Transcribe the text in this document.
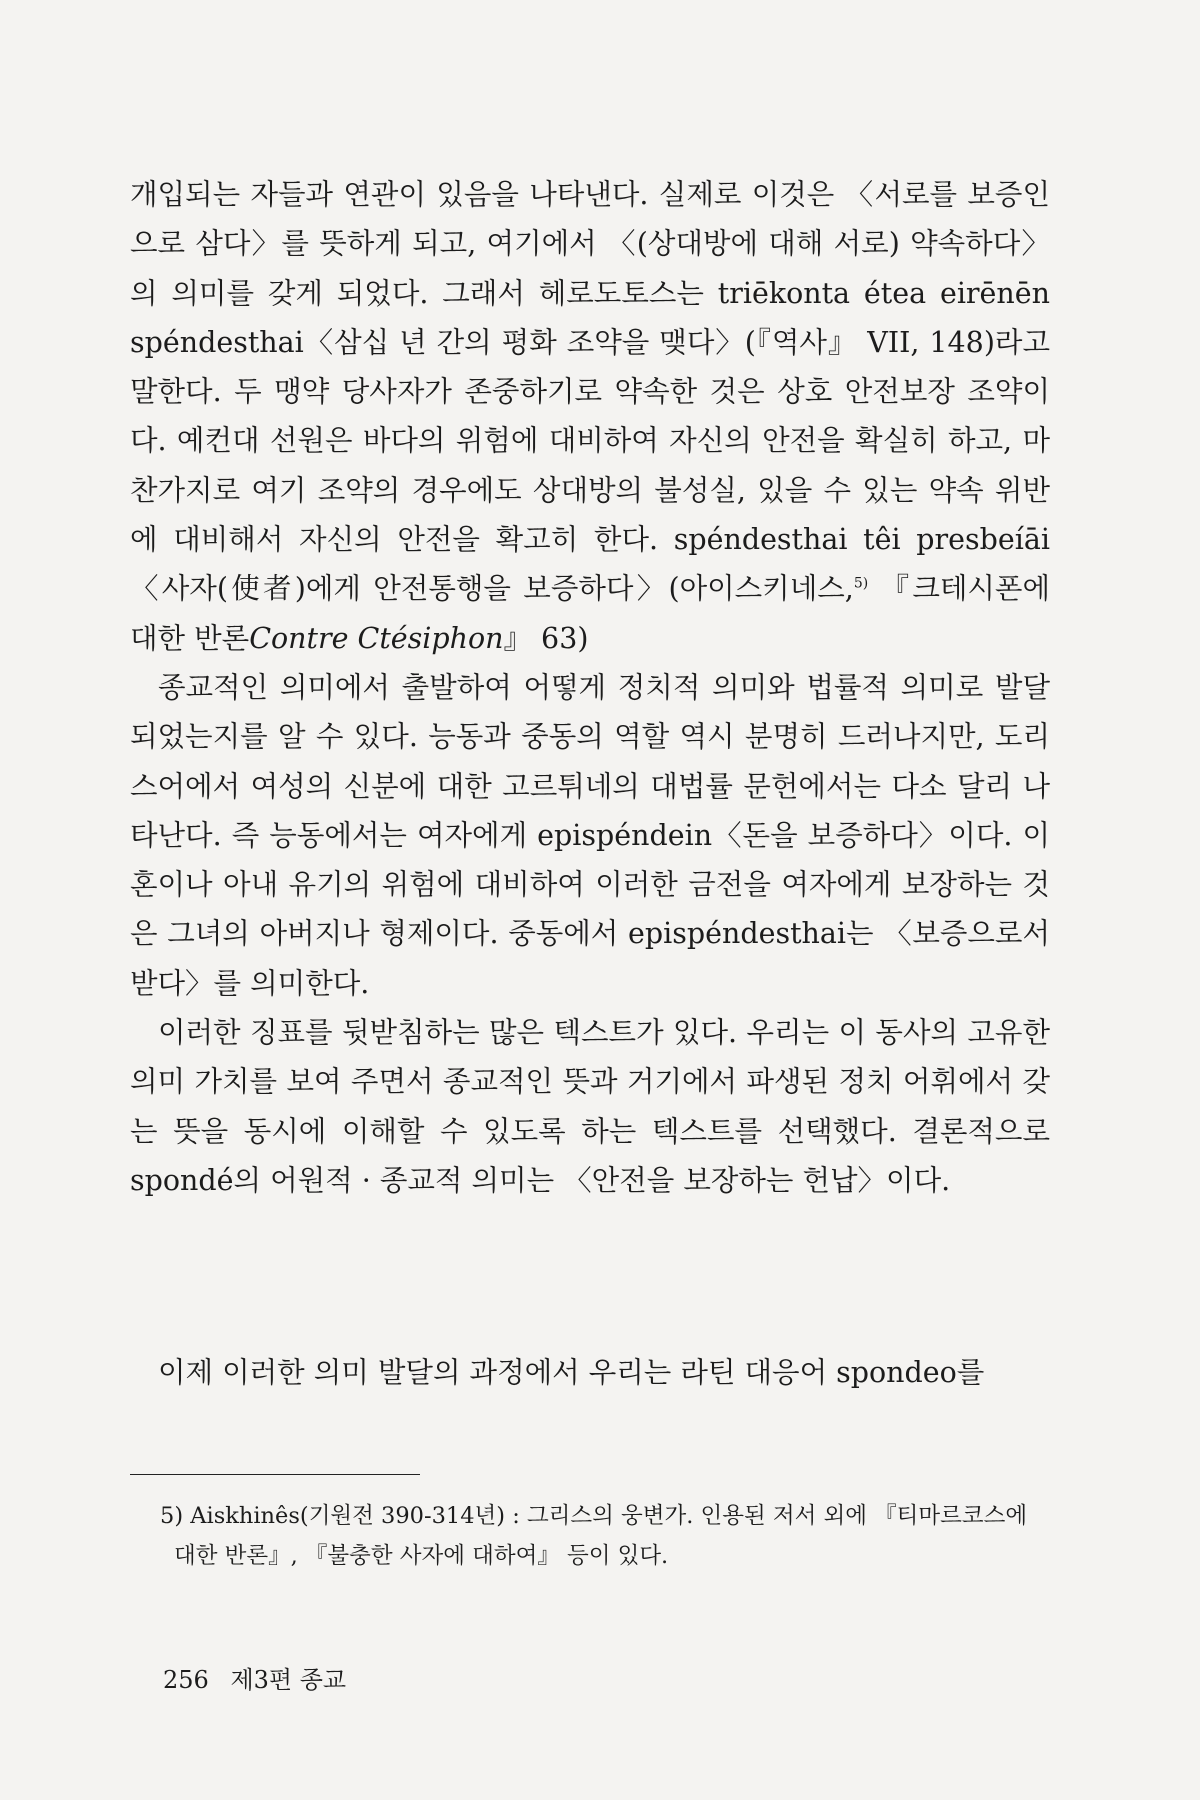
개입되는 자들과 연관이 있음을 나타낸다. 실제로 이것은 〈서로를 보증인으로 삼다〉를 뜻하게 되고, 여기에서 〈(상대방에 대해 서로) 약속하다〉의 의미를 갖게 되었다. 그래서 헤로도토스는 triēkonta étea eirēnēn spéndesthai〈삼십 년 간의 평화 조약을 맺다〉(『역사』 VII, 148)라고 말한다. 두 맹약 당사자가 존중하기로 약속한 것은 상호 안전보장 조약이다. 예컨대 선원은 바다의 위험에 대비하여 자신의 안전을 확실히 하고, 마찬가지로 여기 조약의 경우에도 상대방의 불성실, 있을 수 있는 약속 위반에 대비해서 자신의 안전을 확고히 한다. spéndesthai têi presbeíāi 〈사자(使者)에게 안전통행을 보증하다〉(아이스키네스,$^{5)}$ 『크테시폰에 대한 반론Contre Ctésiphon』 63)

종교적인 의미에서 출발하여 어떻게 정치적 의미와 법률적 의미로 발달되었는지를 알 수 있다. 능동과 중동의 역할 역시 분명히 드러나지만, 도리스어에서 여성의 신분에 대한 고르튀네의 대법률 문헌에서는 다소 달리 나타난다. 즉 능동에서는 여자에게 epispéndein〈돈을 보증하다〉이다. 이혼이나 아내 유기의 위험에 대비하여 이러한 금전을 여자에게 보장하는 것은 그녀의 아버지나 형제이다. 중동에서 epispéndesthai는 〈보증으로서 받다〉를 의미한다.

이러한 징표를 뒷받침하는 많은 텍스트가 있다. 우리는 이 동사의 고유한 의미 가치를 보여 주면서 종교적인 뜻과 거기에서 파생된 정치 어휘에서 갖는 뜻을 동시에 이해할 수 있도록 하는 텍스트를 선택했다. 결론적으로 spondé의 어원적 · 종교적 의미는 〈안전을 보장하는 헌납〉이다.

이제 이러한 의미 발달의 과정에서 우리는 라틴 대응어 spondeo를
5) Aiskhinês(기원전 390-314년) : 그리스의 웅변가. 인용된 저서 외에 『티마르코스에 대한 반론』, 『불충한 사자에 대하여』 등이 있다.
256 제3편 종교
